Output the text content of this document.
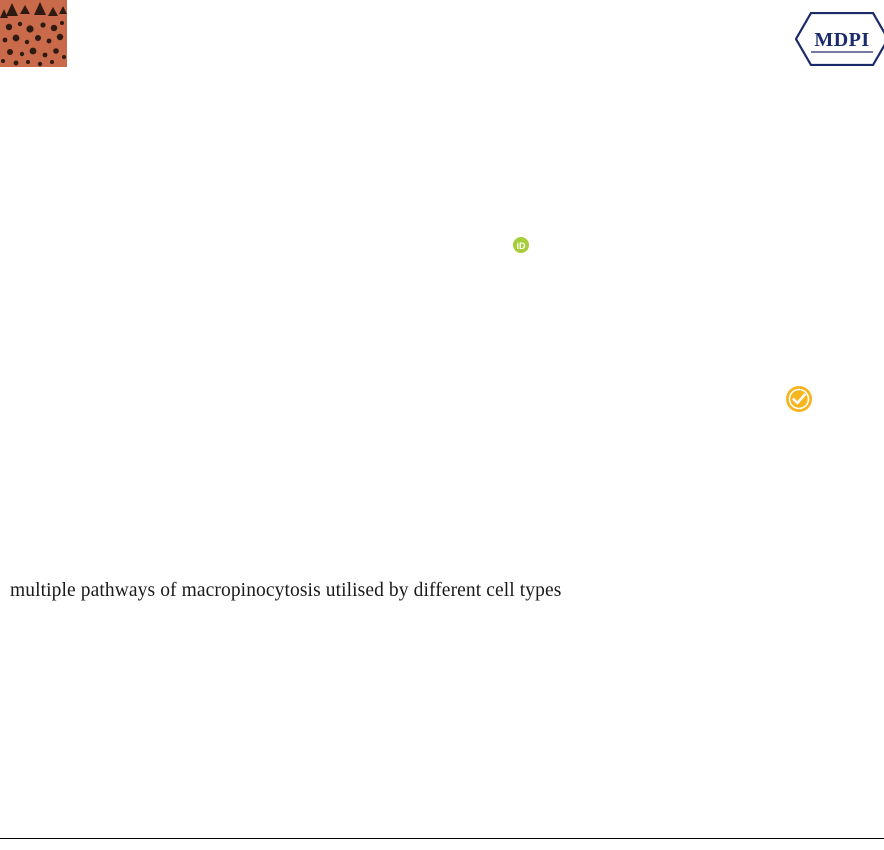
MDPI
iD
multiple pathways of macropinocytosis utilised by different cell types
